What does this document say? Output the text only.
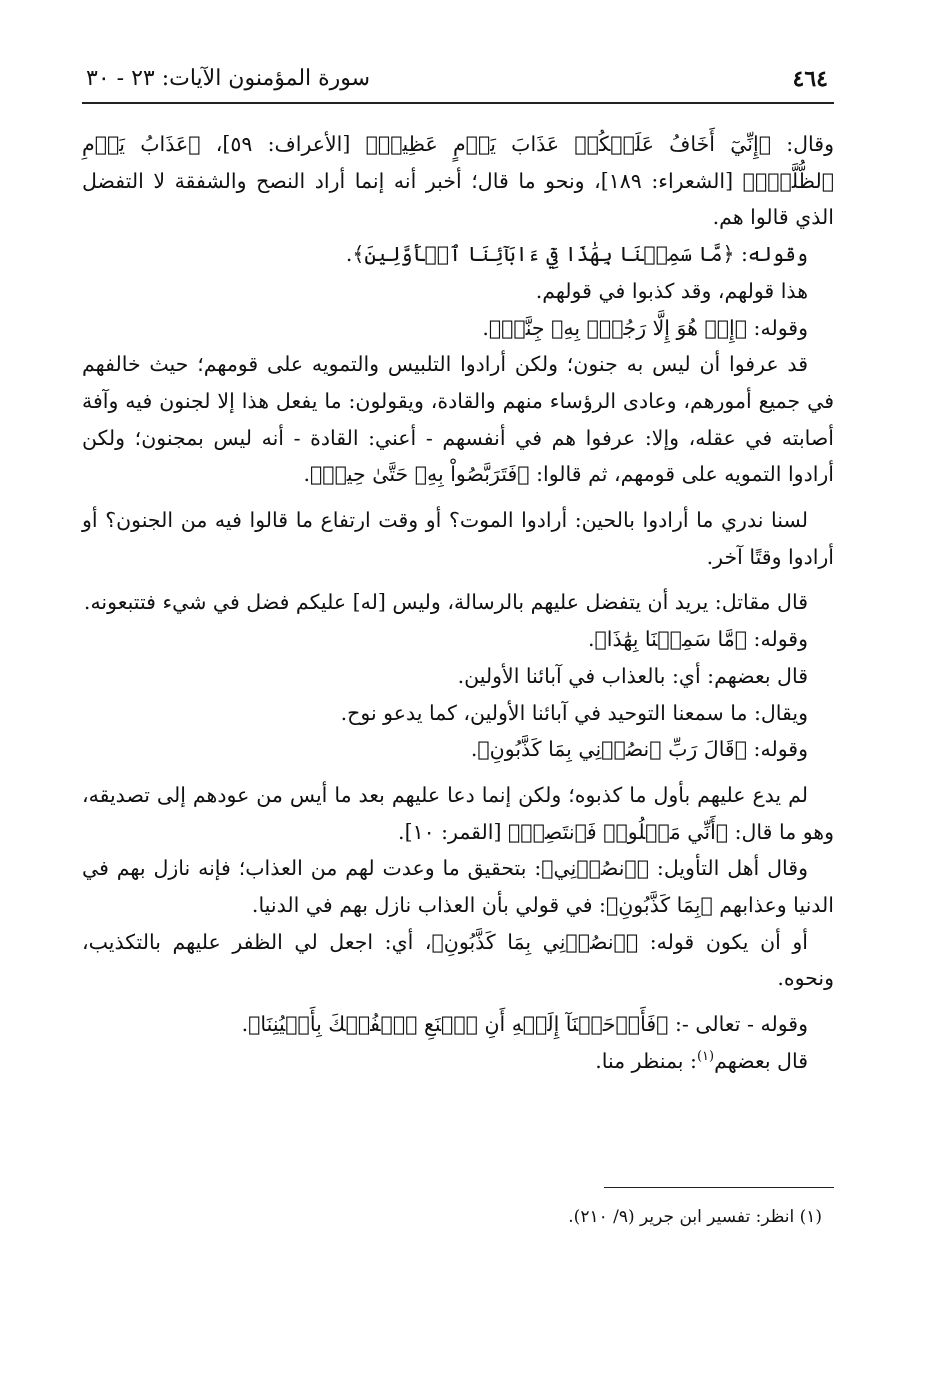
٤٦٤
سورة المؤمنون الآيات: ٢٣ - ٣٠

وقال: ﴿إِنِّيٓ أَخَافُ عَلَيۡكُمۡ عَذَابَ يَوۡمٍ عَظِيمٖ﴾ [الأعراف: ٥٩]، ﴿عَذَابُ يَوۡمِ ٱلظُّلَّةِۚ﴾ [الشعراء: ١٨٩]، ونحو ما قال؛ أخبر أنه إنما أراد النصح والشفقة لا التفضل الذي قالوا هم.

وقوله: ﴿مَّا سَمِعۡنَا بِهَٰذَا فِيٓ ءَابَآئِنَا ٱلۡأَوَّلِينَ﴾.

هذا قولهم، وقد كذبوا في قولهم.

وقوله: ﴿إِنۡ هُوَ إِلَّا رَجُلُۢ بِهِۦ جِنَّةٞ﴾.

قد عرفوا أن ليس به جنون؛ ولكن أرادوا التلبيس والتمويه على قومهم؛ حيث خالفهم في جميع أمورهم، وعادى الرؤساء منهم والقادة، ويقولون: ما يفعل هذا إلا لجنون فيه وآفة أصابته في عقله، وإلا: عرفوا هم في أنفسهم - أعني: القادة - أنه ليس بمجنون؛ ولكن أرادوا التمويه على قومهم، ثم قالوا: ﴿فَتَرَبَّصُواْ بِهِۦ حَتَّىٰ حِينٖ﴾.

لسنا ندري ما أرادوا بالحين: أرادوا الموت؟ أو وقت ارتفاع ما قالوا فيه من الجنون؟ أو أرادوا وقتًا آخر.

قال مقاتل: يريد أن يتفضل عليهم بالرسالة، وليس [له] عليكم فضل في شيء فتتبعونه.

وقوله: ﴿مَّا سَمِعۡنَا بِهَٰذَا﴾.

قال بعضهم: أي: بالعذاب في آبائنا الأولين.

ويقال: ما سمعنا التوحيد في آبائنا الأولين، كما يدعو نوح.

وقوله: ﴿قَالَ رَبِّ ٱنصُرۡنِي بِمَا كَذَّبُونِ﴾.

لم يدع عليهم بأول ما كذبوه؛ ولكن إنما دعا عليهم بعد ما أيس من عودهم إلى تصديقه، وهو ما قال: ﴿أَنِّي مَغۡلُوبٞ فَٱنتَصِرۡ﴾ [القمر: ١٠].

وقال أهل التأويل: ﴿ٱنصُرۡنِي﴾: بتحقيق ما وعدت لهم من العذاب؛ فإنه نازل بهم في الدنيا وعذابهم ﴿بِمَا كَذَّبُونِ﴾: في قولي بأن العذاب نازل بهم في الدنيا.

أو أن يكون قوله: ﴿ٱنصُرۡنِي بِمَا كَذَّبُونِ﴾، أي: اجعل لي الظفر عليهم بالتكذيب، ونحوه.

وقوله - تعالى -: ﴿فَأَوۡحَيۡنَآ إِلَيۡهِ أَنِ ٱصۡنَعِ ٱلۡفُلۡكَ بِأَعۡيُنِنَا﴾.

قال بعضهم$^{(١)}$: بمنظر منا.

(١) انظر: تفسير ابن جرير (٩/ ٢١٠).
